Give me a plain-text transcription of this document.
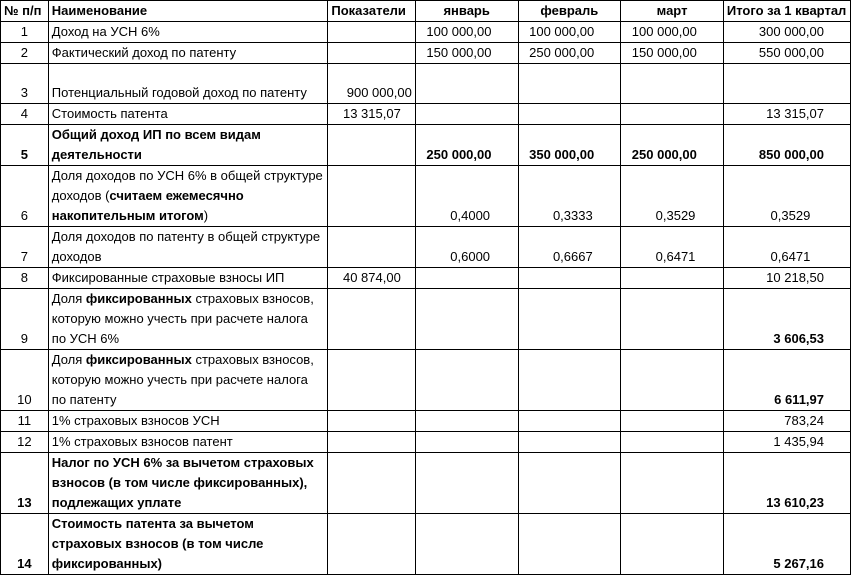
№ п/п	Наименование	Показатели	январь	февраль	март	Итого за 1 квартал
1	Доход на УСН 6%		100 000,00	100 000,00	100 000,00	300 000,00
2	Фактический доход по патенту		150 000,00	250 000,00	150 000,00	550 000,00
3	Потенциальный годовой доход по патенту	900 000,00				
4	Стоимость патента	13 315,07				13 315,07
5	Общий доход ИП по всем видам деятельности		250 000,00	350 000,00	250 000,00	850 000,00
6	Доля доходов по УСН 6% в общей структуре доходов (считаем ежемесячно накопительным итогом)		0,4000	0,3333	0,3529	0,3529
7	Доля доходов по патенту в общей структуре доходов		0,6000	0,6667	0,6471	0,6471
8	Фиксированные страховые взносы ИП	40 874,00				10 218,50
9	Доля фиксированных страховых взносов, которую можно учесть при расчете налога по УСН 6%					3 606,53
10	Доля фиксированных страховых взносов, которую можно учесть при расчете налога по патенту					6 611,97
11	1% страховых взносов УСН					783,24
12	1% страховых взносов патент					1 435,94
13	Налог по УСН 6% за вычетом страховых взносов (в том числе фиксированных), подлежащих уплате					13 610,23
14	Стоимость патента за вычетом страховых взносов (в том числе фиксированных)					5 267,16
